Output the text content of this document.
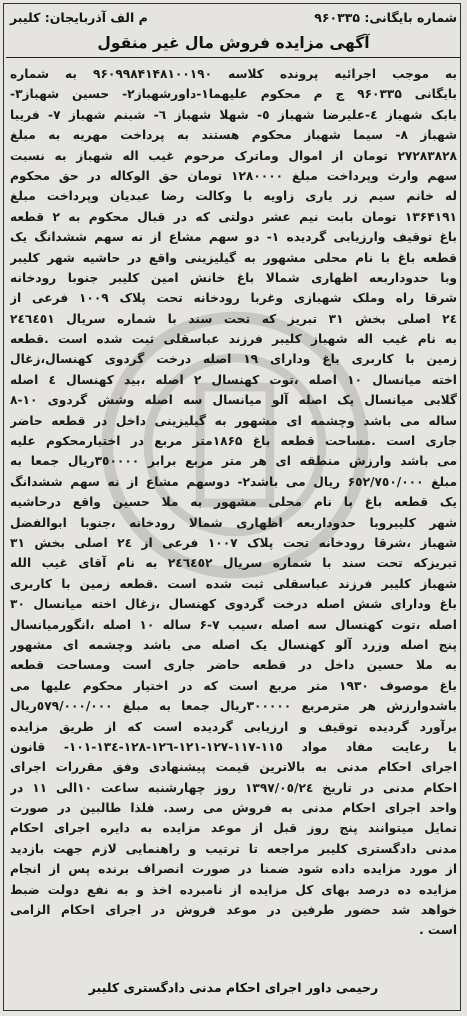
شماره بایگانی: ۹۶۰۳۳۵
م الف آذربایجان: کلیبر
آگهی مزایده فروش مال غیر منقول
به موجب اجرائیه پرونده کلاسه ۹۶۰۹۹۸۴۱۴۸۱۰۰۱۹۰ به شماره
بایگانی ۹۶۰۳۳۵ ج م محکوم علیهما۱-داورشهباز۲- حسین شهباز۳-
بابک شهباز ٤-علیرضا شهباز ٥- شهلا شهباز ٦- شبنم شهباز ۷- فریبا
شهباز ۸- سیما شهباز محکوم هستند به پرداخت مهریه به مبلغ
۲۷۲۸۳۸۲۸ تومان از اموال وماترک مرحوم غیب اله شهباز به نسبت
سهم وارث وپرداخت مبلغ ۱۲۸۰۰۰۰ تومان حق الوکاله در حق محکوم
له خانم سیم زر یاری زاویه با وکالت رضا عبدیان وپرداخت مبلغ
۱۳۶۴۱۹۱ تومان بابت نیم عشر دولتی که در قبال محکوم به ۲ قطعه
باغ توقیف وارزیابی گردیده ۱- دو سهم مشاع از نه سهم ششدانگ یک
قطعه باغ با نام محلی مشهور به گیلیزینی واقع در حاشیه شهر کلیبر
وبا حدوداربعه اظهاری شمالا باغ خانش امین کلیبر جنوبا رودخانه
شرقا راه وملک شهبازی وغربا رودخانه تحت پلاک ۱۰۰۹ فرعی از
۲٤ اصلی بخش ۳۱ تبریز که تحت سند با شماره سریال ۲٤٦٤٥۱
به نام غیب اله شهباز کلیبر فرزند عباسقلی ثبت شده است .قطعه
زمین با کاربری باغ ودارای ۱۹ اصله درخت گردوی کهنسال،زغال
اخته میانسال ۱۰ اصله ،توت کهنسال ۲ اصله ،بید کهنسال ٤ اصله
گلابی میانسال یک اصله آلو میانسال سه اصله وشش گردوی ۱۰-۸
ساله می باشد وچشمه ای مشهور به گیلیزینی داخل در قطعه حاضر
جاری است .مساحت قطعه باغ ۱۸۶۵متر مربع در اختیارمحکوم علیه
می باشد وارزش منطقه ای هر متر مربع برابر ۳٥۰۰۰۰ریال جمعا به
مبلغ ۶٥۲/۷٥۰/۰۰۰ ریال می باشد۲- دوسهم مشاع از نه سهم ششدانگ
یک قطعه باغ با نام محلی مشهور به ملا حسین واقع درحاشیه
شهر کلیبروبا حدوداربعه اظهاری شمالا رودخانه ،جنوبا ابوالفضل
شهباز ،شرقا رودخانه تحت پلاک ۱۰۰۷ فرعی از ۲٤ اصلی بخش ۳۱
تبریزکه تحت سند با شماره سریال ۲٤٦٤٥۲ به نام آقای غیب الله
شهباز کلیبر فرزند عباسقلی ثبت شده است .قطعه زمین با کاربری
باغ ودارای شش اصله درخت گردوی کهنسال ،زغال اخته میانسال ۳۰
اصله ،توت کهنسال سه اصله ،سیب ۷-۶ ساله ۱۰ اصله ،انگورمیانسال
پنج اصله وزرد آلو کهنسال یک اصله می باشد وچشمه ای مشهور
به ملا حسین داخل در قطعه حاضر جاری است ومساحت قطعه
باغ موصوف ۱۹۳۰ متر مربع است که در اختیار محکوم علیها می
باشدوارزش هر مترمربع ۳۰۰۰۰۰ریال جمعا به مبلغ ٥۷۹/۰۰۰/۰۰۰ریال
برآورد گردیده توقیف و ارزیابی گردیده است که از طریق مزایده
با رعایت مفاد مواد ۱۱٥-۱۱۷-۱۲۷-۱۲۱-۱۲٦-۱۲۸-۱۳٤-۱۰۱- قانون
اجرای احکام مدنی به بالاترین قیمت پیشنهادی وفق مقررات اجرای
احکام مدنی در تاریخ ۱۳۹۷/۰٥/۲٤ روز چهارشنبه ساعت ۱۰الی ۱۱ در
واحد اجرای احکام مدنی به فروش می رسد. فلذا طالبین در صورت
تمایل میتوانند پنج روز قبل از موعد مزایده به دایره اجرای احکام
مدنی دادگستری کلیبر مراجعه تا ترتیب و راهنمایی لازم جهت بازدید
از مورد مزایده داده شود ضمنا در صورت انصراف برنده پس از انجام
مزایده ده درصد بهای کل مزایده از نامبرده اخذ و به نفع دولت ضبط
خواهد شد حضور طرفین در موعد فروش در اجرای احکام الزامی
است .
رحیمی داور اجرای احکام مدنی دادگستری کلیبر
